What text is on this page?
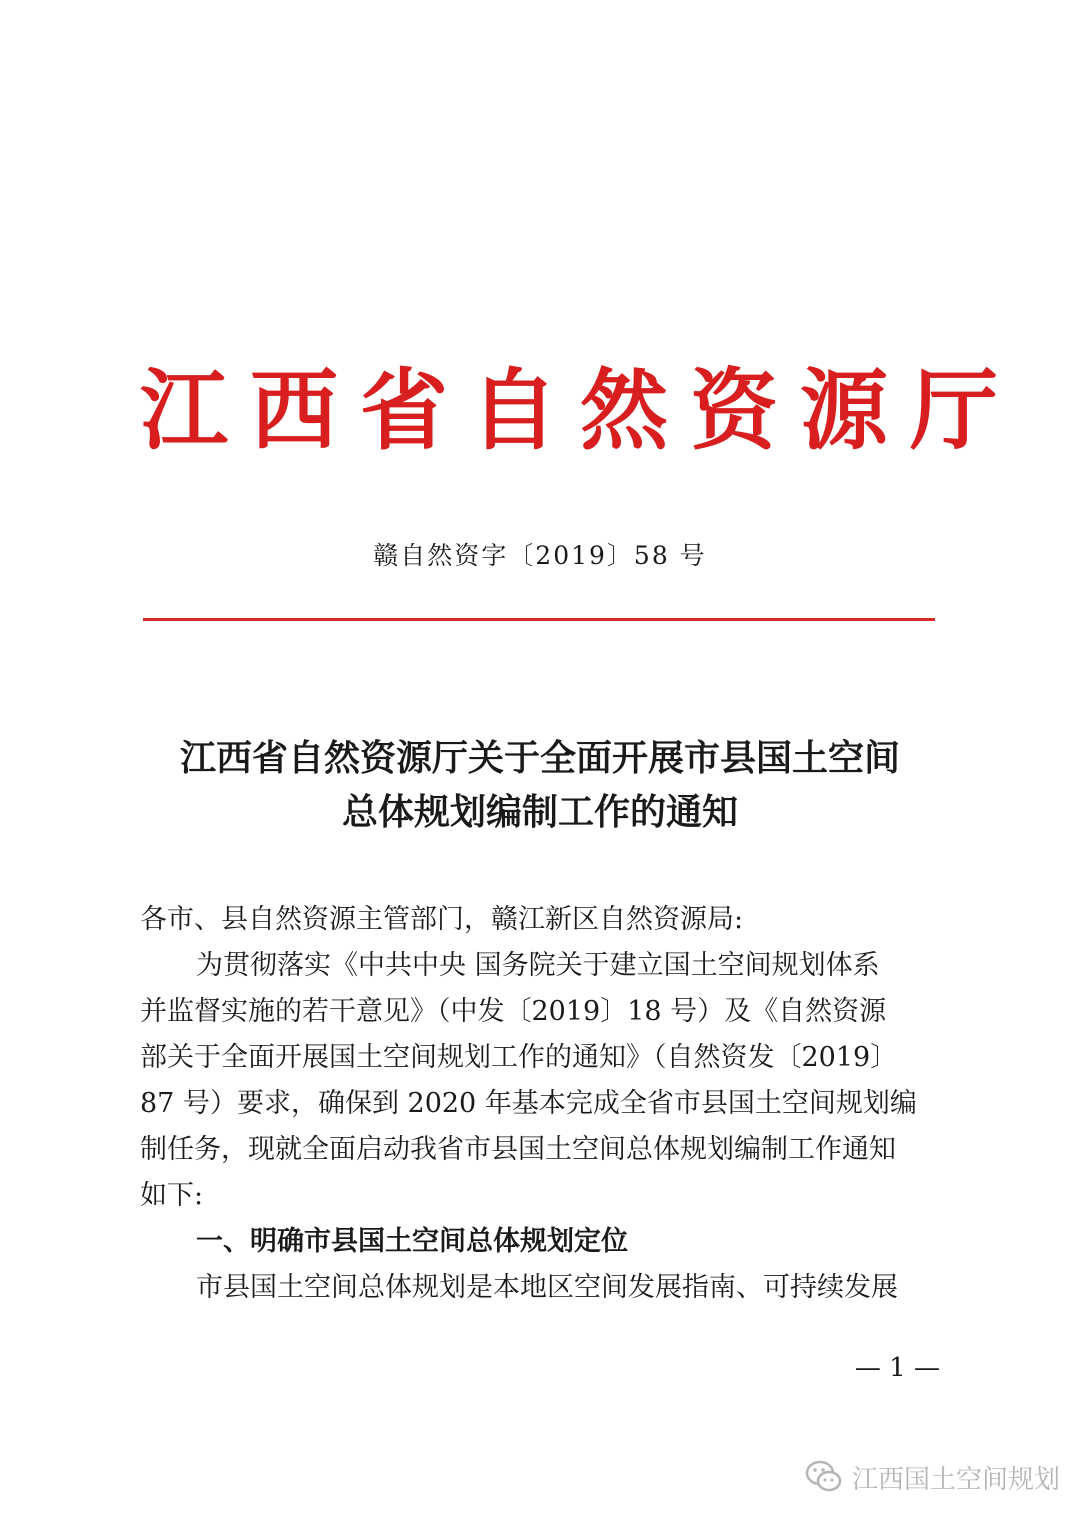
江西省自然资源厅
赣自然资字〔2019〕58 号
江西省自然资源厅关于全面开展市县国土空间
总体规划编制工作的通知
各市、县自然资源主管部门，赣江新区自然资源局:
为贯彻落实《中共中央 国务院关于建立国土空间规划体系
并监督实施的若干意见》（中发〔2019〕18 号）及《自然资源
部关于全面开展国土空间规划工作的通知》（自然资发〔2019〕
87 号）要求，确保到 2020 年基本完成全省市县国土空间规划编
制任务，现就全面启动我省市县国土空间总体规划编制工作通知
如下:
一、明确市县国土空间总体规划定位
市县国土空间总体规划是本地区空间发展指南、可持续发展
— 1 —
江西国土空间规划
